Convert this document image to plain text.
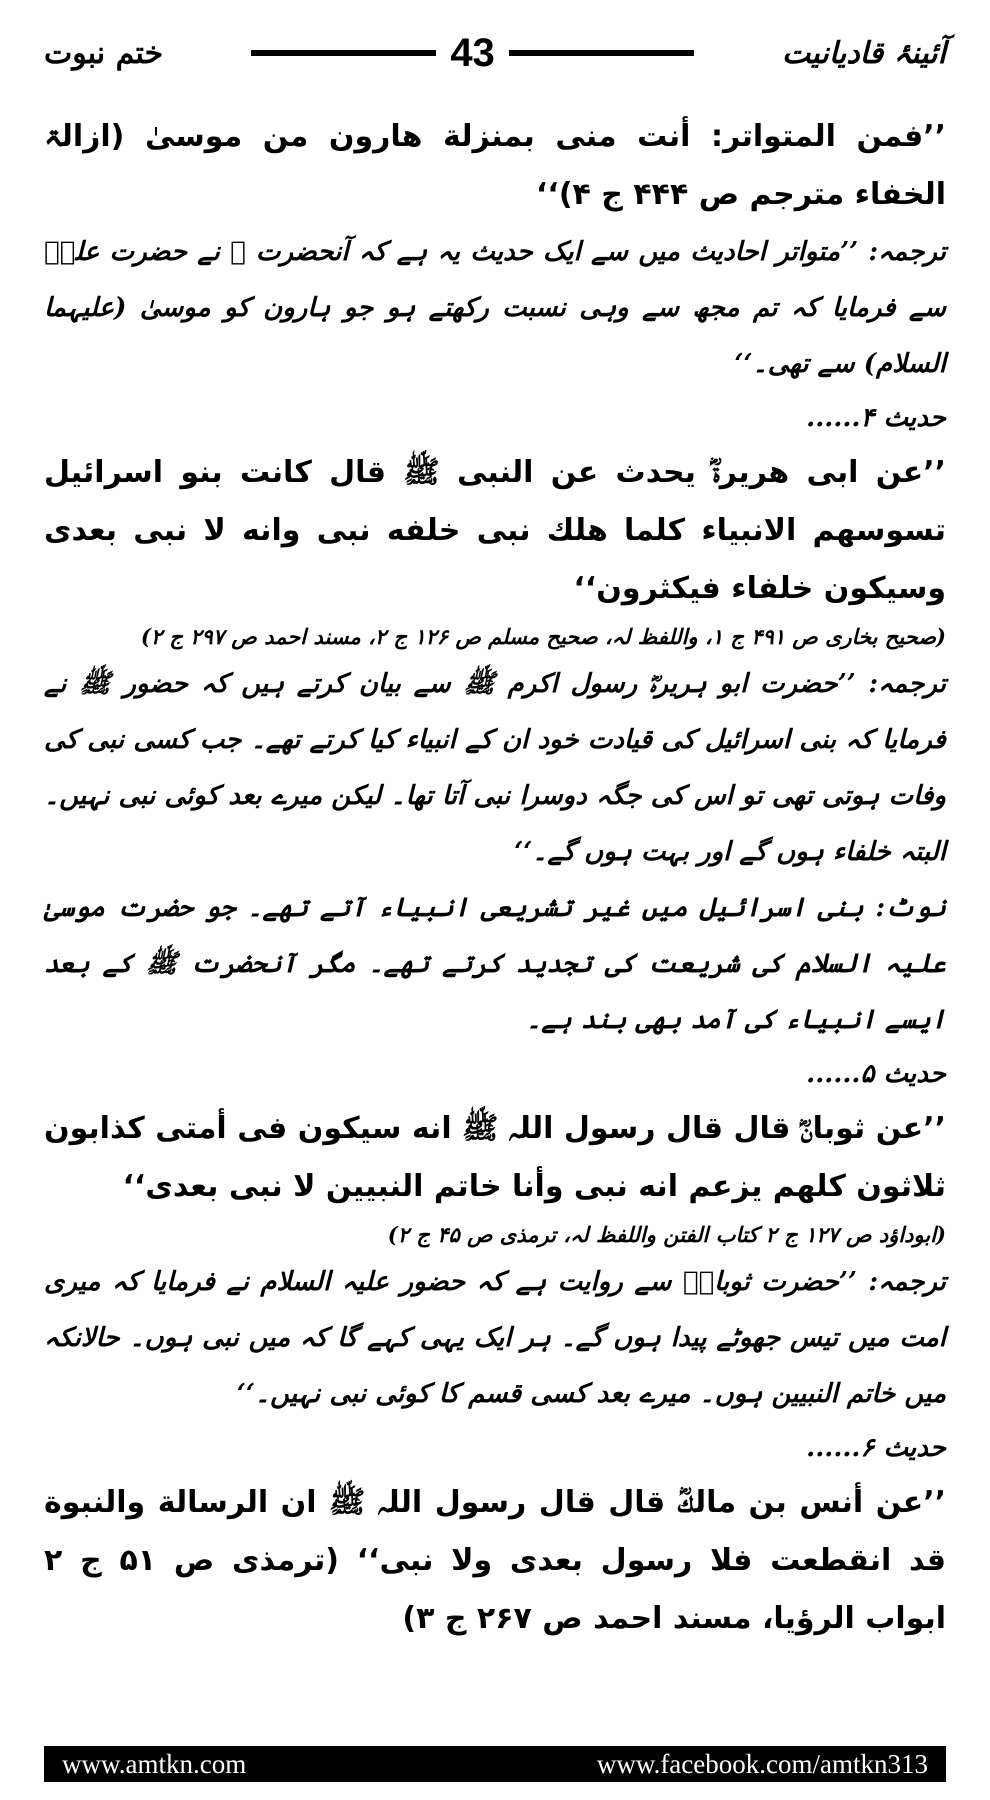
ختم نبوت	43	آئینۂ قادیانیت

’’فمن المتواتر: أنت منی بمنزلة هارون من موسیٰ (ازالۃ الخفاء مترجم ص ۴۴۴ ج ۴)‘‘

ترجمہ: ’’متواتر احادیث میں سے ایک حدیث یہ ہے کہ آنحضرت ﷺ نے حضرت علیؓ سے فرمایا کہ تم مجھ سے وہی نسبت رکھتے ہو جو ہارون کو موسیٰ (علیہما السلام) سے تھی۔‘‘

حدیث ۴......

’’عن ابی هریرةؓ یحدث عن النبی ﷺ قال کانت بنو اسرائیل تسوسهم الانبیاء کلما هلك نبی خلفه نبی وانه لا نبی بعدی وسیکون خلفاء فیکثرون‘‘

(صحیح بخاری ص ۴۹۱ ج ۱، واللفظ لہ، صحیح مسلم ص ۱۲۶ ج ۲، مسند احمد ص ۲۹۷ ج ۲)

ترجمہ: ’’حضرت ابو ہریرہؓ رسول اکرم ﷺ سے بیان کرتے ہیں کہ حضور ﷺ نے فرمایا کہ بنی اسرائیل کی قیادت خود ان کے انبیاء کیا کرتے تھے۔ جب کسی نبی کی وفات ہوتی تھی تو اس کی جگہ دوسرا نبی آتا تھا۔ لیکن میرے بعد کوئی نبی نہیں۔ البتہ خلفاء ہوں گے اور بہت ہوں گے۔‘‘

نوٹ: بنی اسرائیل میں غیر تشریعی انبیاء آتے تھے۔ جو حضرت موسیٰ علیہ السلام کی شریعت کی تجدید کرتے تھے۔ مگر آنحضرت ﷺ کے بعد ایسے انبیاء کی آمد بھی بند ہے۔

حدیث ۵......

’’عن ثوبانؓ قال قال رسول اللہ ﷺ انه سیکون فی أمتی کذابون ثلاثون کلهم یزعم انه نبی وأنا خاتم النبیین لا نبی بعدی‘‘

(ابوداؤد ص ۱۲۷ ج ۲ کتاب الفتن واللفظ لہ، ترمذی ص ۴۵ ج ۲)

ترجمہ: ’’حضرت ثوبانؓ سے روایت ہے کہ حضور علیہ السلام نے فرمایا کہ میری امت میں تیس جھوٹے پیدا ہوں گے۔ ہر ایک یہی کہے گا کہ میں نبی ہوں۔ حالانکہ میں خاتم النبیین ہوں۔ میرے بعد کسی قسم کا کوئی نبی نہیں۔‘‘

حدیث ۶......

’’عن أنس بن مالكؓ قال قال رسول اللہ ﷺ ان الرسالة والنبوة قد انقطعت فلا رسول بعدی ولا نبی‘‘ (ترمذی ص ۵۱ ج ۲ ابواب الرؤیا، مسند احمد ص ۲۶۷ ج ۳)

www.amtkn.com	www.facebook.com/amtkn313
